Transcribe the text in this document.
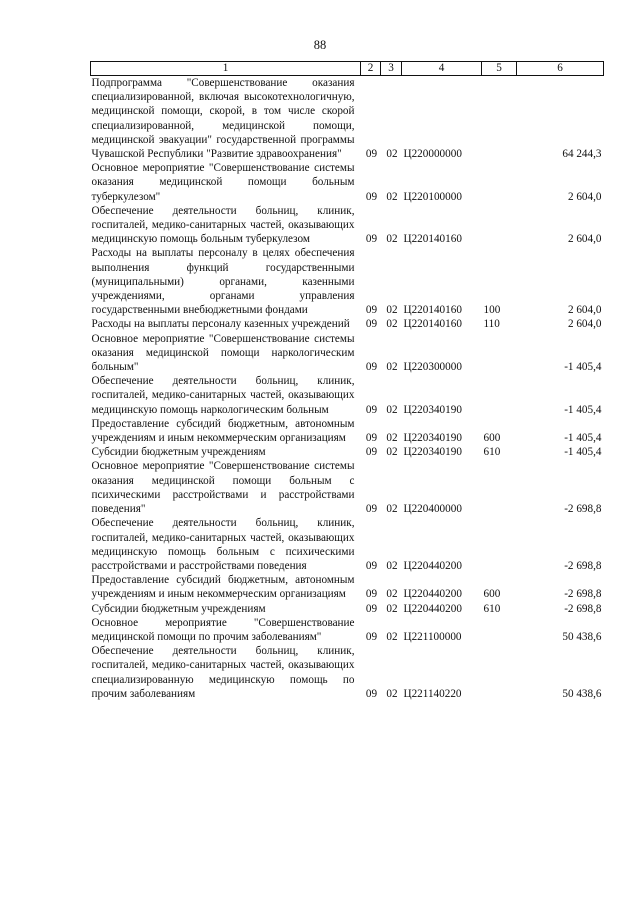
88
1	2	3	4	5	6
Подпрограмма "Совершенствование оказания специализированной, включая высокотехнологичную, медицинской помощи, скорой, в том числе скорой специализированной, медицинской помощи, медицинской эвакуации" государственной программы Чувашской Республики "Развитие здравоохранения"	09	02	Ц220000000		64 244,3
Основное мероприятие "Совершенствование системы оказания медицинской помощи больным туберкулезом"	09	02	Ц220100000		2 604,0
Обеспечение деятельности больниц, клиник, госпиталей, медико-санитарных частей, оказывающих медицинскую помощь больным туберкулезом	09	02	Ц220140160		2 604,0
Расходы на выплаты персоналу в целях обеспечения выполнения функций государственными (муниципальными) органами, казенными учреждениями, органами управления государственными внебюджетными фондами	09	02	Ц220140160	100	2 604,0
Расходы на выплаты персоналу казенных учреждений	09	02	Ц220140160	110	2 604,0
Основное мероприятие "Совершенствование системы оказания медицинской помощи наркологическим больным"	09	02	Ц220300000		-1 405,4
Обеспечение деятельности больниц, клиник, госпиталей, медико-санитарных частей, оказывающих медицинскую помощь наркологическим больным	09	02	Ц220340190		-1 405,4
Предоставление субсидий бюджетным, автономным учреждениям и иным некоммерческим организациям	09	02	Ц220340190	600	-1 405,4
Субсидии бюджетным учреждениям	09	02	Ц220340190	610	-1 405,4
Основное мероприятие "Совершенствование системы оказания медицинской помощи больным с психическими расстройствами и расстройствами поведения"	09	02	Ц220400000		-2 698,8
Обеспечение деятельности больниц, клиник, госпиталей, медико-санитарных частей, оказывающих медицинскую помощь больным с психическими расстройствами и расстройствами поведения	09	02	Ц220440200		-2 698,8
Предоставление субсидий бюджетным, автономным учреждениям и иным некоммерческим организациям	09	02	Ц220440200	600	-2 698,8
Субсидии бюджетным учреждениям	09	02	Ц220440200	610	-2 698,8
Основное мероприятие "Совершенствование медицинской помощи по прочим заболеваниям"	09	02	Ц221100000		50 438,6
Обеспечение деятельности больниц, клиник, госпиталей, медико-санитарных частей, оказывающих специализированную медицинскую помощь по прочим заболеваниям	09	02	Ц221140220		50 438,6
